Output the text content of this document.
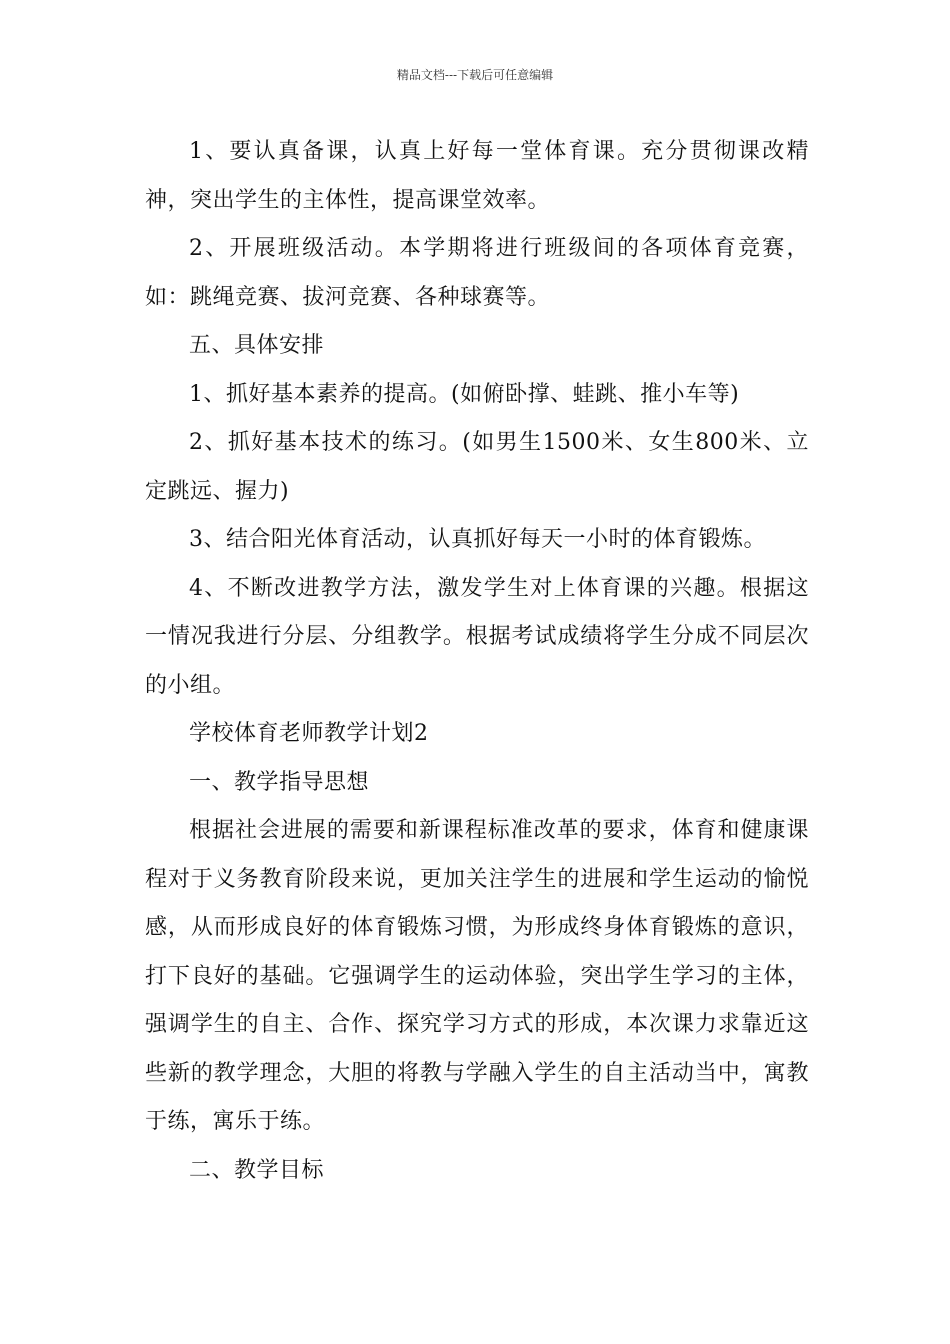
精品文档---下载后可任意编辑

1、要认真备课，认真上好每一堂体育课。充分贯彻课改精神，突出学生的主体性，提高课堂效率。

2、开展班级活动。本学期将进行班级间的各项体育竞赛，如：跳绳竞赛、拔河竞赛、各种球赛等。

五、具体安排

1、抓好基本素养的提高。(如俯卧撑、蛙跳、推小车等)

2、抓好基本技术的练习。(如男生1500米、女生800米、立定跳远、握力)

3、结合阳光体育活动，认真抓好每天一小时的体育锻炼。

4、不断改进教学方法，激发学生对上体育课的兴趣。根据这一情况我进行分层、分组教学。根据考试成绩将学生分成不同层次的小组。

学校体育老师教学计划2

一、教学指导思想

根据社会进展的需要和新课程标准改革的要求，体育和健康课程对于义务教育阶段来说，更加关注学生的进展和学生运动的愉悦感，从而形成良好的体育锻炼习惯，为形成终身体育锻炼的意识，打下良好的基础。它强调学生的运动体验，突出学生学习的主体，强调学生的自主、合作、探究学习方式的形成，本次课力求靠近这些新的教学理念，大胆的将教与学融入学生的自主活动当中，寓教于练，寓乐于练。

二、教学目标
